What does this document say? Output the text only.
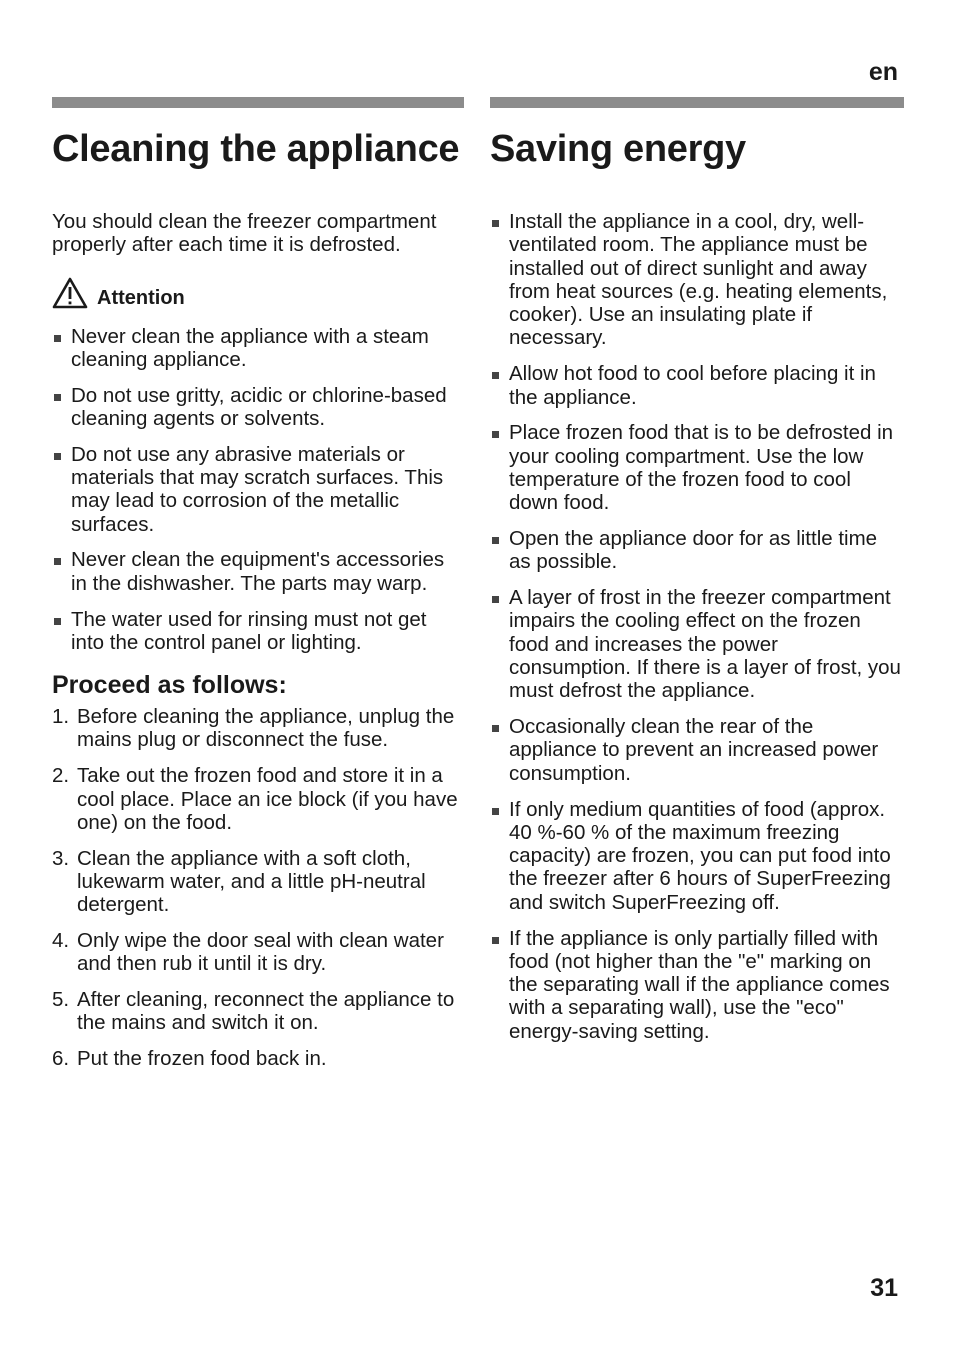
en
Cleaning the appliance

You should clean the freezer compartment properly after each time it is defrosted.

Attention
Never clean the appliance with a steam cleaning appliance.
Do not use gritty, acidic or chlorine-based cleaning agents or solvents.
Do not use any abrasive materials or materials that may scratch surfaces. This may lead to corrosion of the metallic surfaces.
Never clean the equipment's accessories in the dishwasher. The parts may warp.
The water used for rinsing must not get into the control panel or lighting.
Proceed as follows:
1. Before cleaning the appliance, unplug the mains plug or disconnect the fuse.
2. Take out the frozen food and store it in a cool place. Place an ice block (if you have one) on the food.
3. Clean the appliance with a soft cloth, lukewarm water, and a little pH-neutral detergent.
4. Only wipe the door seal with clean water and then rub it until it is dry.
5. After cleaning, reconnect the appliance to the mains and switch it on.
6. Put the frozen food back in.
Saving energy
Install the appliance in a cool, dry, well-ventilated room. The appliance must be installed out of direct sunlight and away from heat sources (e.g. heating elements, cooker). Use an insulating plate if necessary.
Allow hot food to cool before placing it in the appliance.
Place frozen food that is to be defrosted in your cooling compartment. Use the low temperature of the frozen food to cool down food.
Open the appliance door for as little time as possible.
A layer of frost in the freezer compartment impairs the cooling effect on the frozen food and increases the power consumption. If there is a layer of frost, you must defrost the appliance.
Occasionally clean the rear of the appliance to prevent an increased power consumption.
If only medium quantities of food (approx. 40 %-60 % of the maximum freezing capacity) are frozen, you can put food into the freezer after 6 hours of SuperFreezing and switch SuperFreezing off.
If the appliance is only partially filled with food (not higher than the "e" marking on the separating wall if the appliance comes with a separating wall), use the "eco" energy-saving setting.
31
